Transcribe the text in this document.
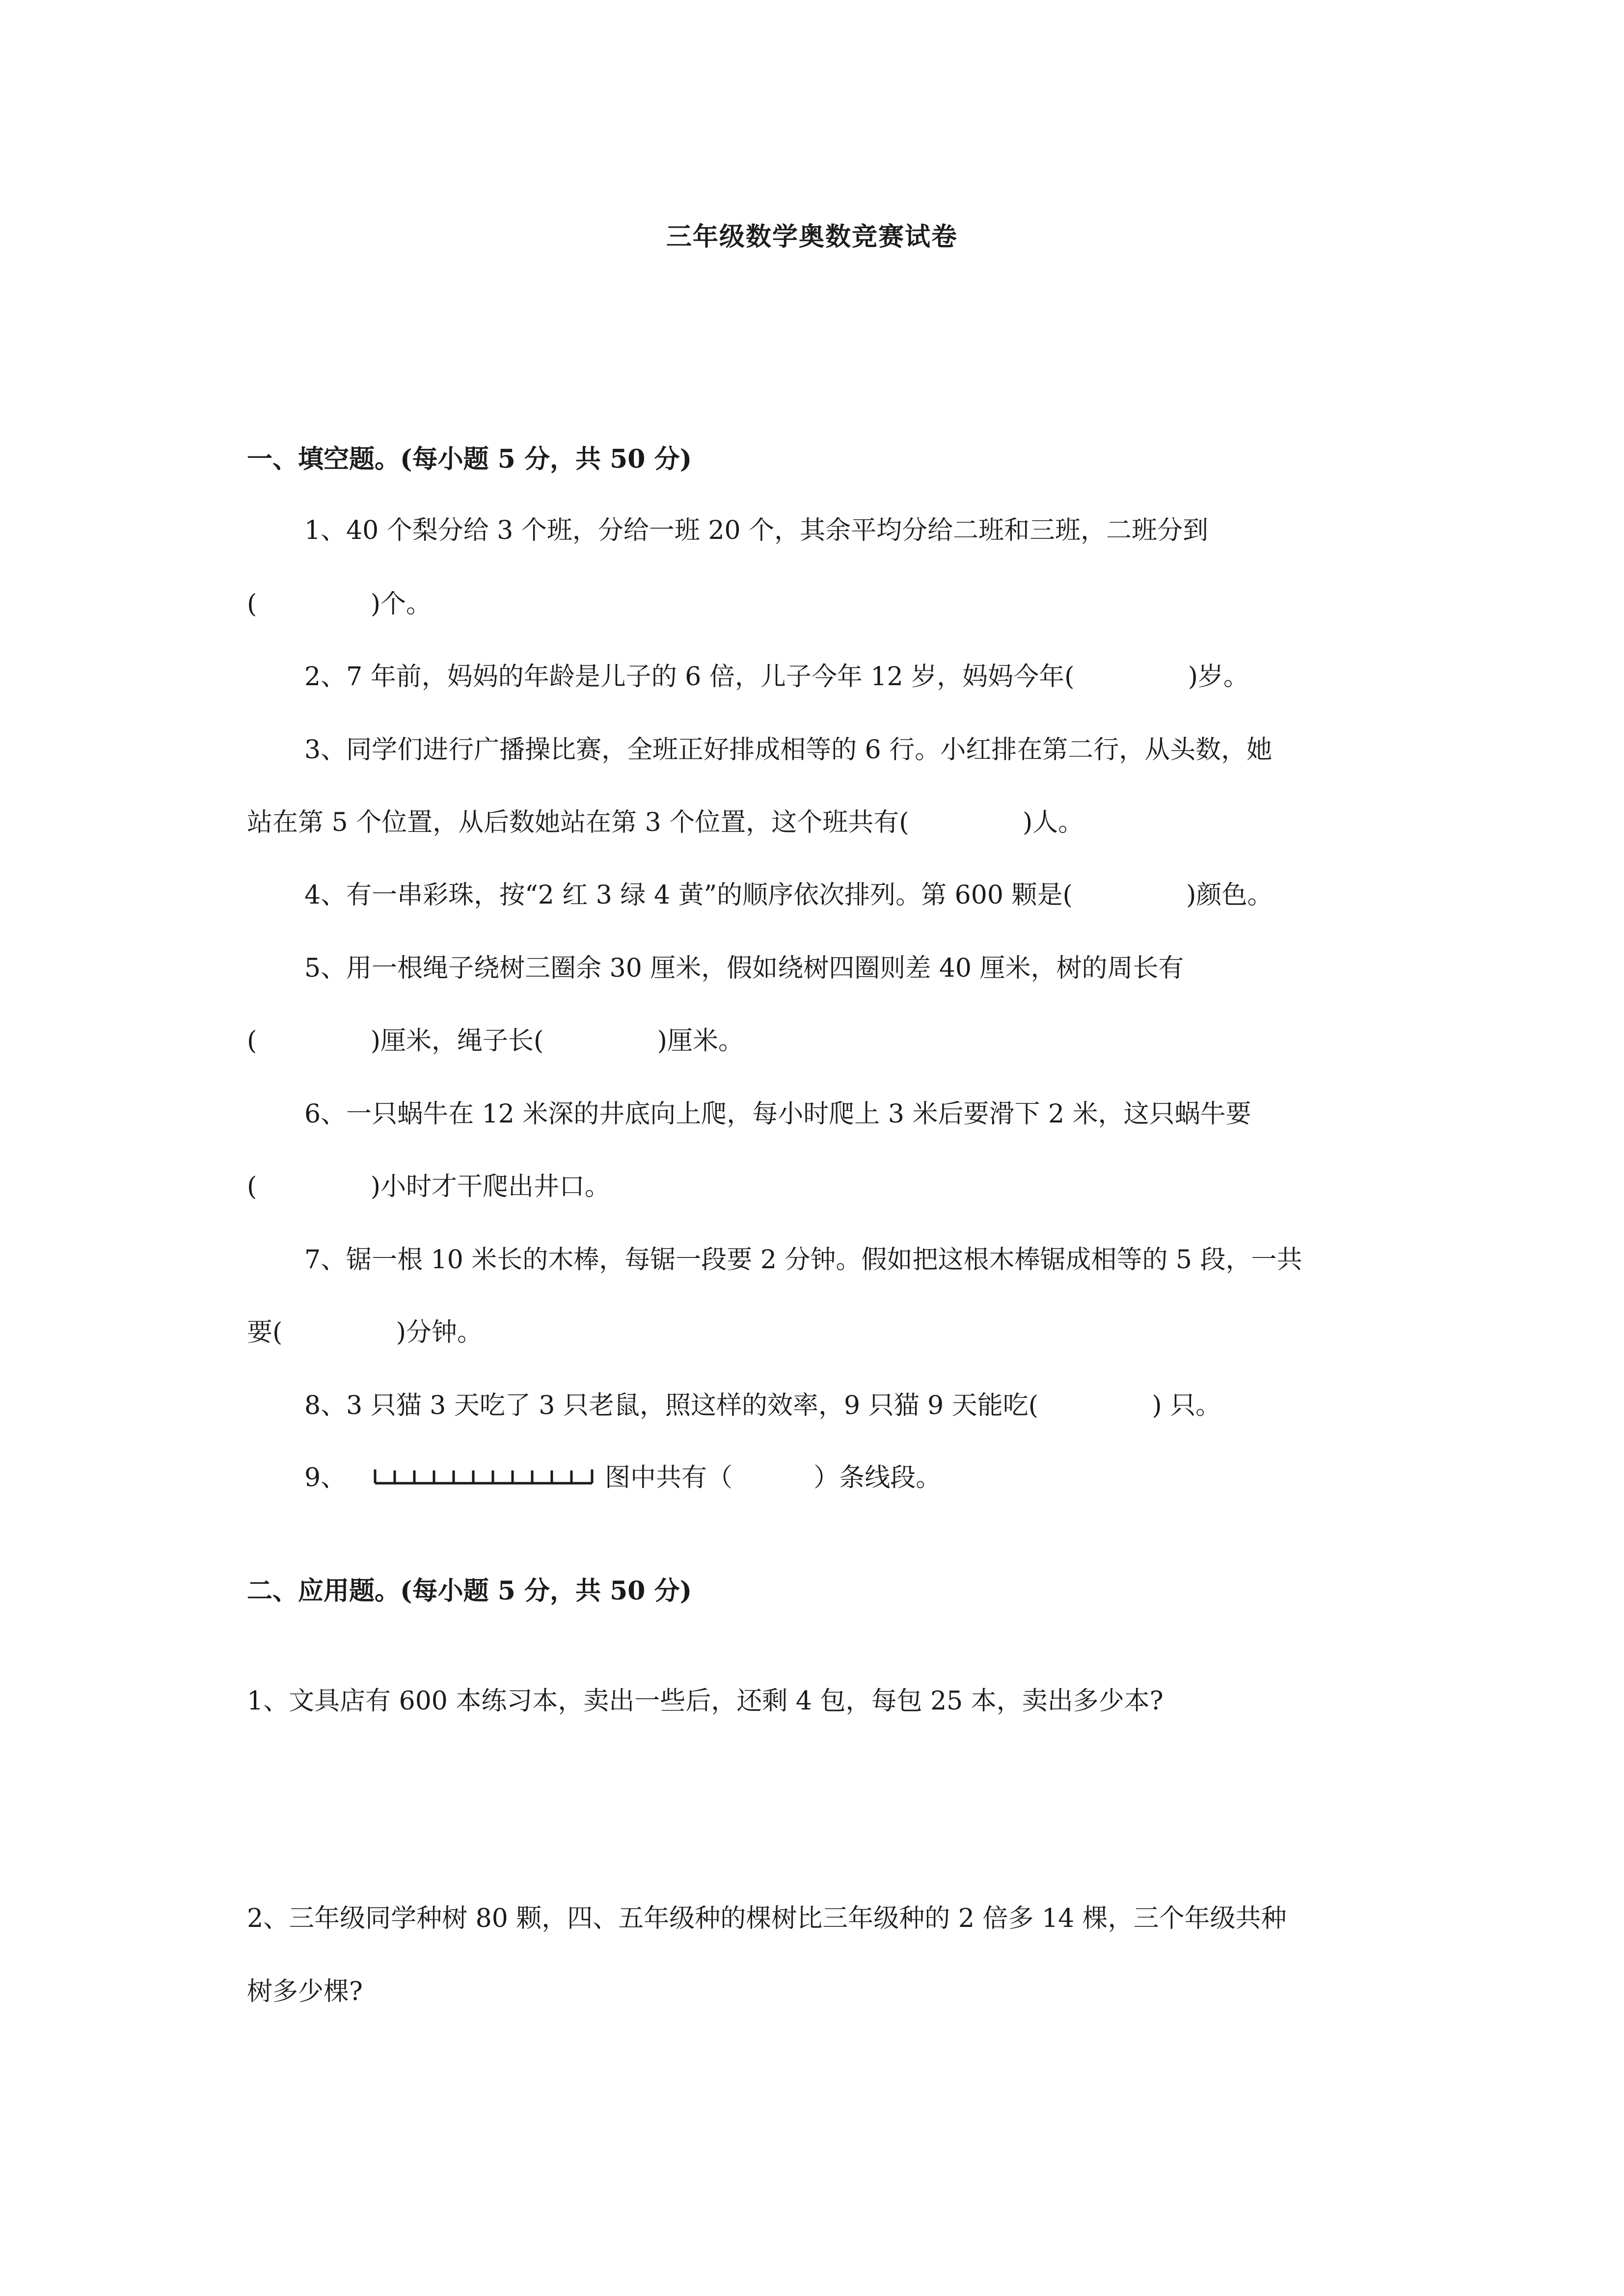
三年级数学奥数竞赛试卷
一、填空题。(每小题 5 分，共 50 分)
1、40 个梨分给 3 个班，分给一班 20 个，其余平均分给二班和三班，二班分到
(              )个。
2、7 年前，妈妈的年龄是儿子的 6 倍，儿子今年 12 岁，妈妈今年(              )岁。
3、同学们进行广播操比赛，全班正好排成相等的 6 行。小红排在第二行，从头数，她
站在第 5 个位置，从后数她站在第 3 个位置，这个班共有(              )人。
4、有一串彩珠，按“2 红 3 绿 4 黄”的顺序依次排列。第 600 颗是(              )颜色。
5、用一根绳子绕树三圈余 30 厘米，假如绕树四圈则差 40 厘米，树的周长有
(              )厘米，绳子长(              )厘米。
6、一只蜗牛在 12 米深的井底向上爬，每小时爬上 3 米后要滑下 2 米，这只蜗牛要
(              )小时才干爬出井口。
7、锯一根 10 米长的木棒，每锯一段要 2 分钟。假如把这根木棒锯成相等的 5 段，一共
要(              )分钟。
8、3 只猫 3 天吃了 3 只老鼠，照这样的效率，9 只猫 9 天能吃(              ) 只。
9、	图中共有（          ）条线段。
二、应用题。(每小题 5 分，共 50 分)
1、文具店有 600 本练习本，卖出一些后，还剩 4 包，每包 25 本，卖出多少本?
2、三年级同学种树 80 颗，四、五年级种的棵树比三年级种的 2 倍多 14 棵，三个年级共种
树多少棵?
